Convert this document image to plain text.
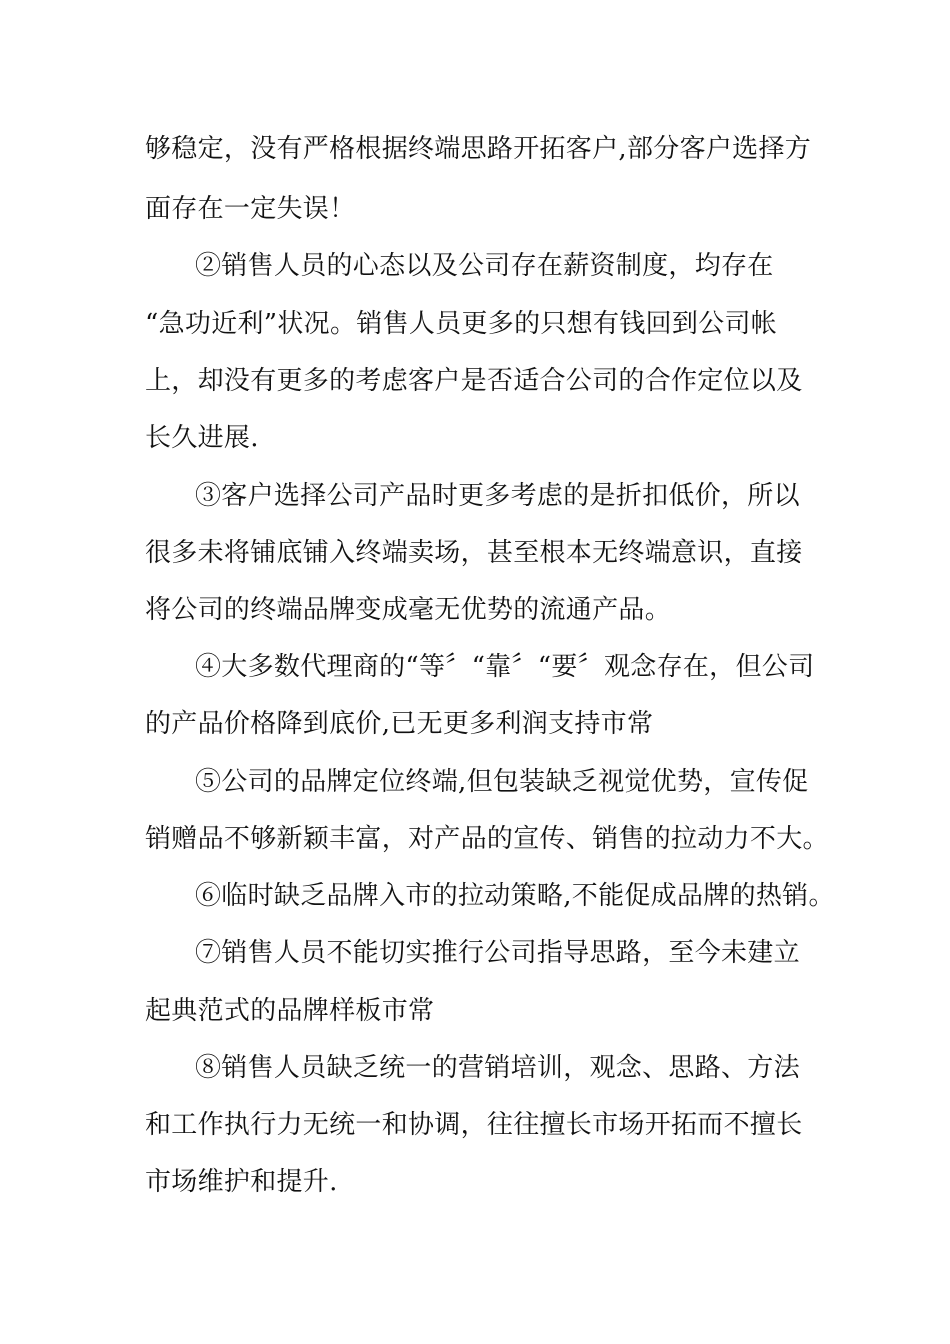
够稳定，没有严格根据终端思路开拓客户,部分客户选择方
面存在一定失误！
②销售人员的心态以及公司存在薪资制度，均存在
“急功近利”状况。销售人员更多的只想有钱回到公司帐
上，却没有更多的考虑客户是否适合公司的合作定位以及
长久进展.
③客户选择公司产品时更多考虑的是折扣低价，所以
很多未将铺底铺入终端卖场，甚至根本无终端意识，直接
将公司的终端品牌变成毫无优势的流通产品。
④大多数代理商的“等〞“靠〞“要〞观念存在，但公司
的产品价格降到底价,已无更多利润支持市常
⑤公司的品牌定位终端,但包装缺乏视觉优势，宣传促
销赠品不够新颖丰富，对产品的宣传、销售的拉动力不大。
⑥临时缺乏品牌入市的拉动策略,不能促成品牌的热销。
⑦销售人员不能切实推行公司指导思路，至今未建立
起典范式的品牌样板市常
⑧销售人员缺乏统一的营销培训，观念、思路、方法
和工作执行力无统一和协调，往往擅长市场开拓而不擅长
市场维护和提升.
